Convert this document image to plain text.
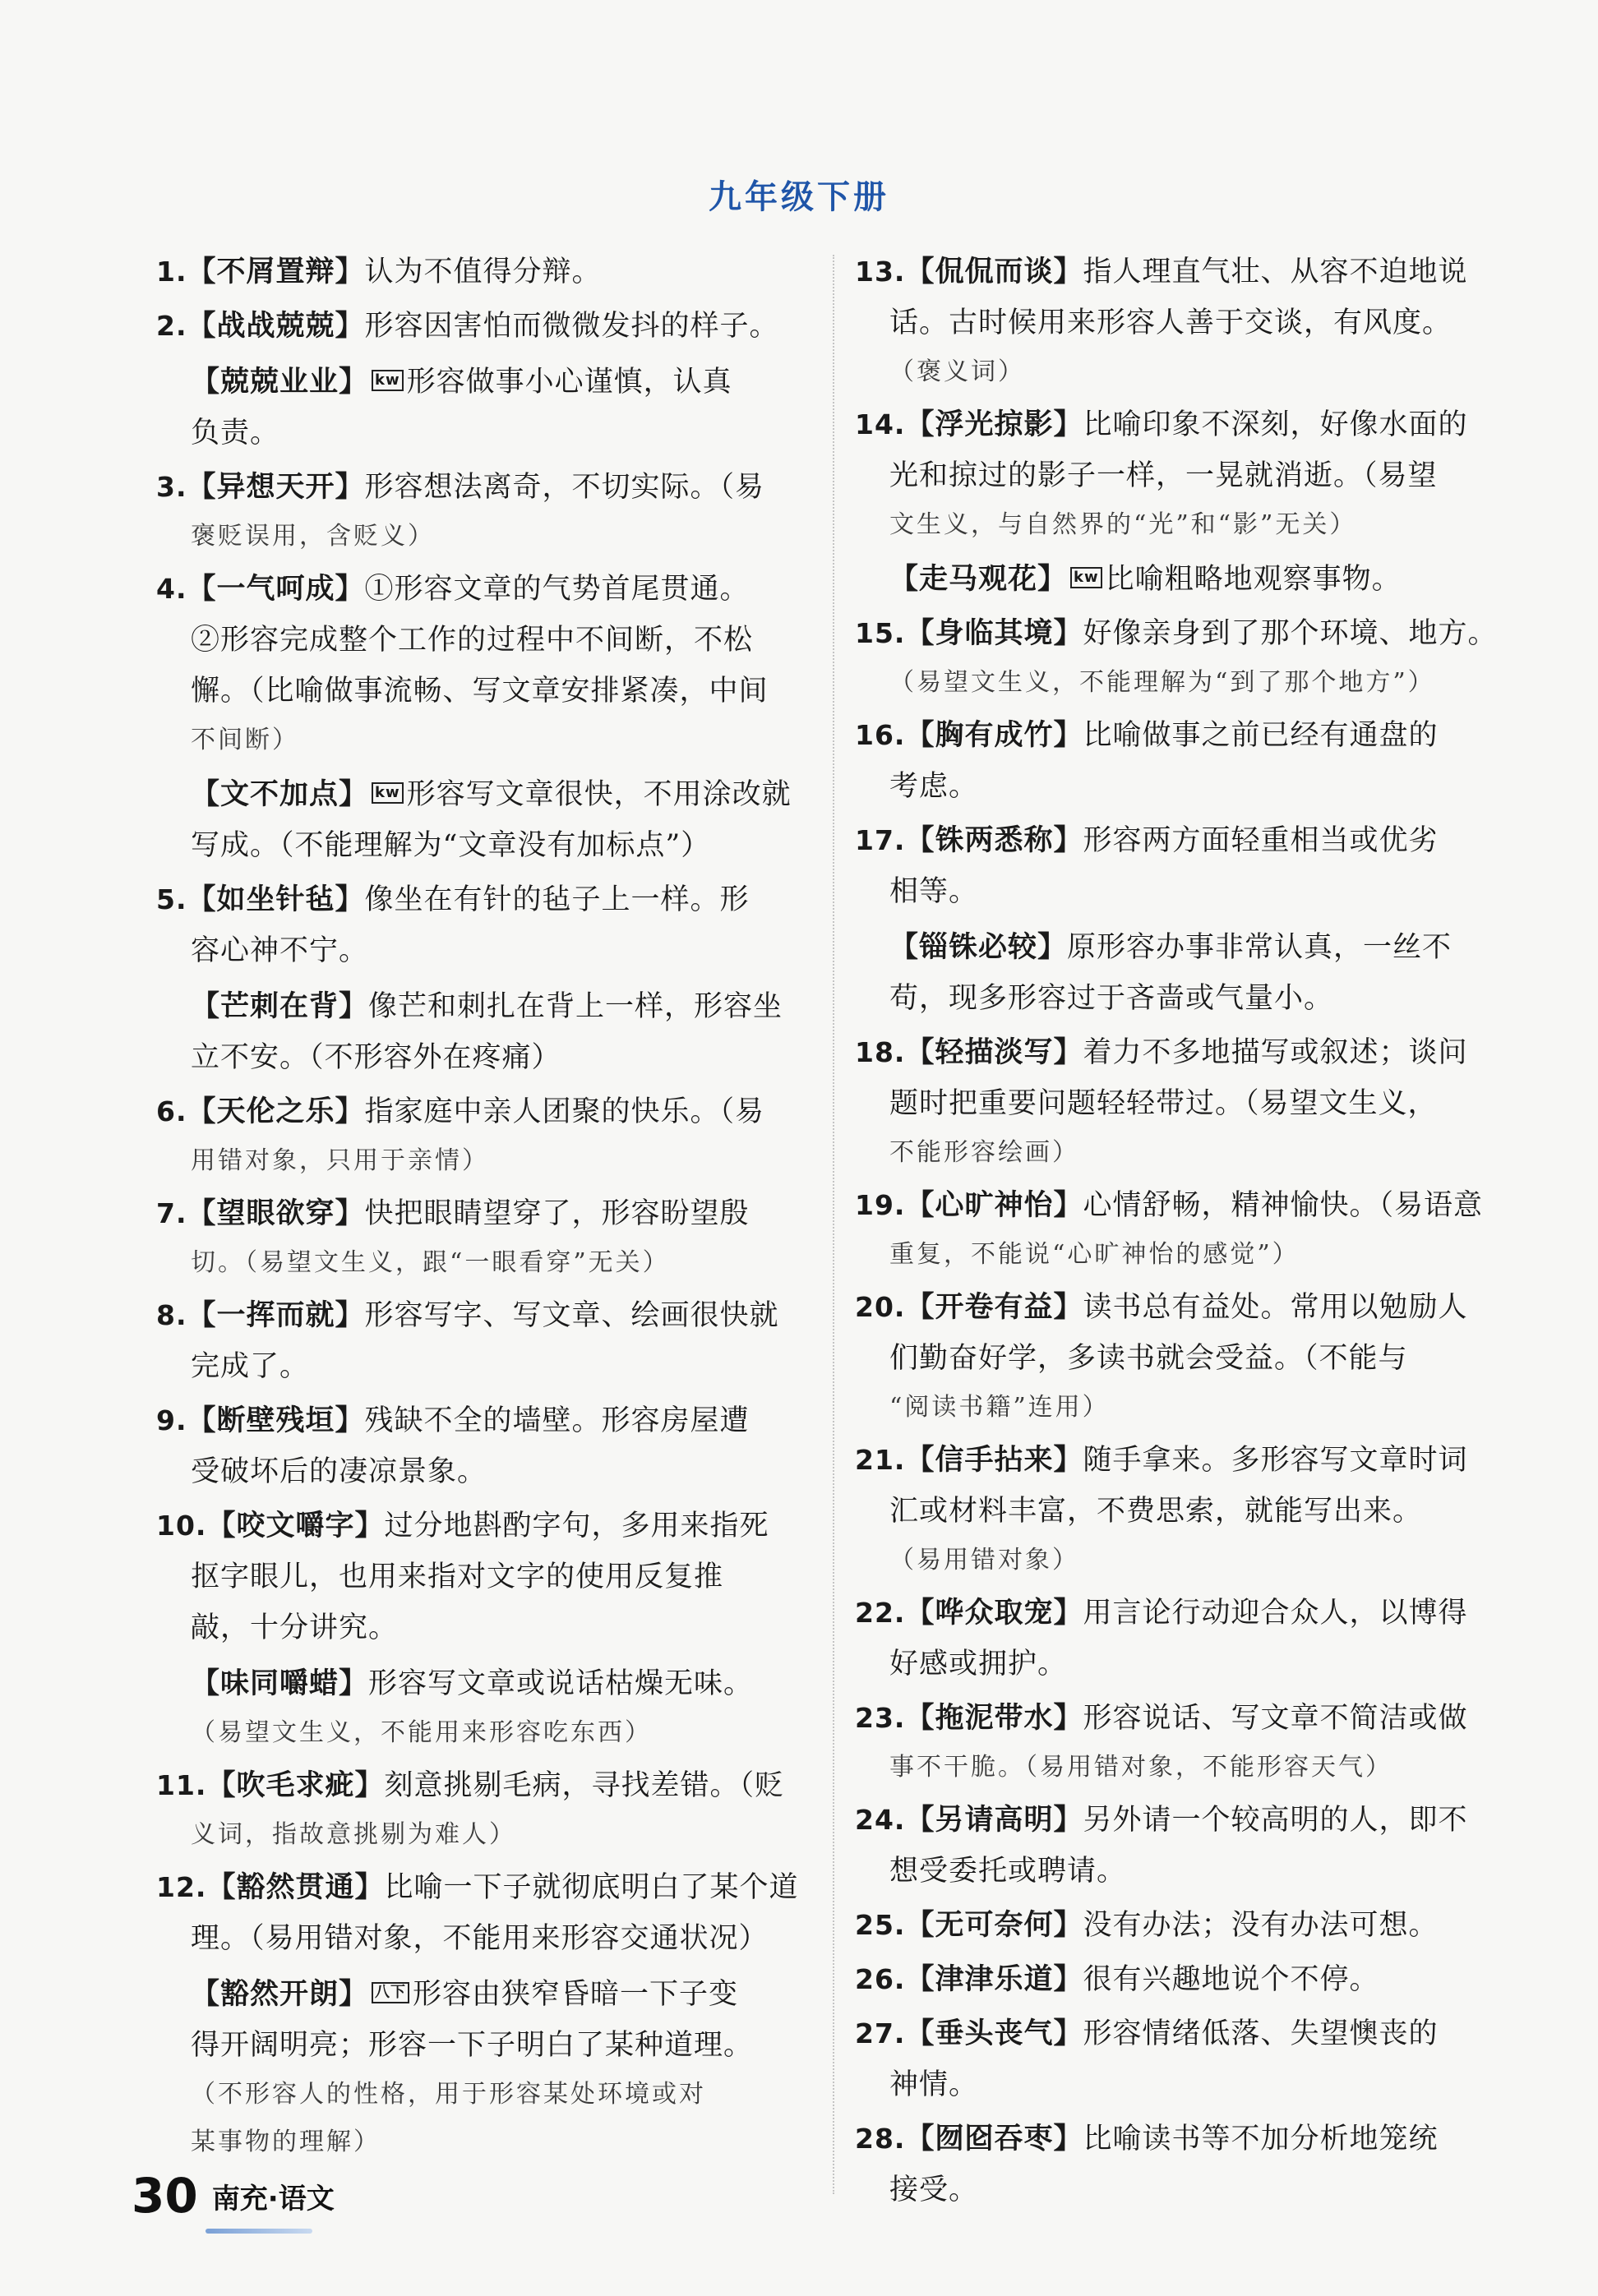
九年级下册
1.【不屑置辩】认为不值得分辩。
2.【战战兢兢】形容因害怕而微微发抖的样子。
【兢兢业业】 kw 形容做事小心谨慎，认真
负责。
3.【异想天开】形容想法离奇，不切实际。（易
褒贬误用，含贬义）
4.【一气呵成】①形容文章的气势首尾贯通。
②形容完成整个工作的过程中不间断，不松
懈。（比喻做事流畅、写文章安排紧凑，中间
不间断）
【文不加点】 kw 形容写文章很快，不用涂改就
写成。（不能理解为“文章没有加标点”）
5.【如坐针毡】像坐在有针的毡子上一样。形
容心神不宁。
【芒刺在背】像芒和刺扎在背上一样，形容坐
立不安。（不形容外在疼痛）
6.【天伦之乐】指家庭中亲人团聚的快乐。（易
用错对象，只用于亲情）
7.【望眼欲穿】快把眼睛望穿了，形容盼望殷
切。（易望文生义，跟“一眼看穿”无关）
8.【一挥而就】形容写字、写文章、绘画很快就
完成了。
9.【断壁残垣】残缺不全的墙壁。形容房屋遭
受破坏后的凄凉景象。
10.【咬文嚼字】过分地斟酌字句，多用来指死
抠字眼儿，也用来指对文字的使用反复推
敲，十分讲究。
【味同嚼蜡】形容写文章或说话枯燥无味。
（易望文生义，不能用来形容吃东西）
11.【吹毛求疵】刻意挑剔毛病，寻找差错。（贬
义词，指故意挑剔为难人）
12.【豁然贯通】比喻一下子就彻底明白了某个道
理。（易用错对象，不能用来形容交通状况）
【豁然开朗】 八下 形容由狭窄昏暗一下子变
得开阔明亮；形容一下子明白了某种道理。
（不形容人的性格，用于形容某处环境或对
某事物的理解）
13.【侃侃而谈】指人理直气壮、从容不迫地说
话。古时候用来形容人善于交谈，有风度。
（褒义词）
14.【浮光掠影】比喻印象不深刻，好像水面的
光和掠过的影子一样，一晃就消逝。（易望
文生义，与自然界的“光”和“影”无关）
【走马观花】 kw 比喻粗略地观察事物。
15.【身临其境】好像亲身到了那个环境、地方。
（易望文生义，不能理解为“到了那个地方”）
16.【胸有成竹】比喻做事之前已经有通盘的
考虑。
17.【铢两悉称】形容两方面轻重相当或优劣
相等。
【锱铢必较】原形容办事非常认真，一丝不
苟，现多形容过于吝啬或气量小。
18.【轻描淡写】着力不多地描写或叙述；谈问
题时把重要问题轻轻带过。（易望文生义，
不能形容绘画）
19.【心旷神怡】心情舒畅，精神愉快。（易语意
重复，不能说“心旷神怡的感觉”）
20.【开卷有益】读书总有益处。常用以勉励人
们勤奋好学，多读书就会受益。（不能与
“阅读书籍”连用）
21.【信手拈来】随手拿来。多形容写文章时词
汇或材料丰富，不费思索，就能写出来。
（易用错对象）
22.【哗众取宠】用言论行动迎合众人，以博得
好感或拥护。
23.【拖泥带水】形容说话、写文章不简洁或做
事不干脆。（易用错对象，不能形容天气）
24.【另请高明】另外请一个较高明的人，即不
想受委托或聘请。
25.【无可奈何】没有办法；没有办法可想。
26.【津津乐道】很有兴趣地说个不停。
27.【垂头丧气】形容情绪低落、失望懊丧的
神情。
28.【囫囵吞枣】比喻读书等不加分析地笼统
接受。
30 南充·语文
